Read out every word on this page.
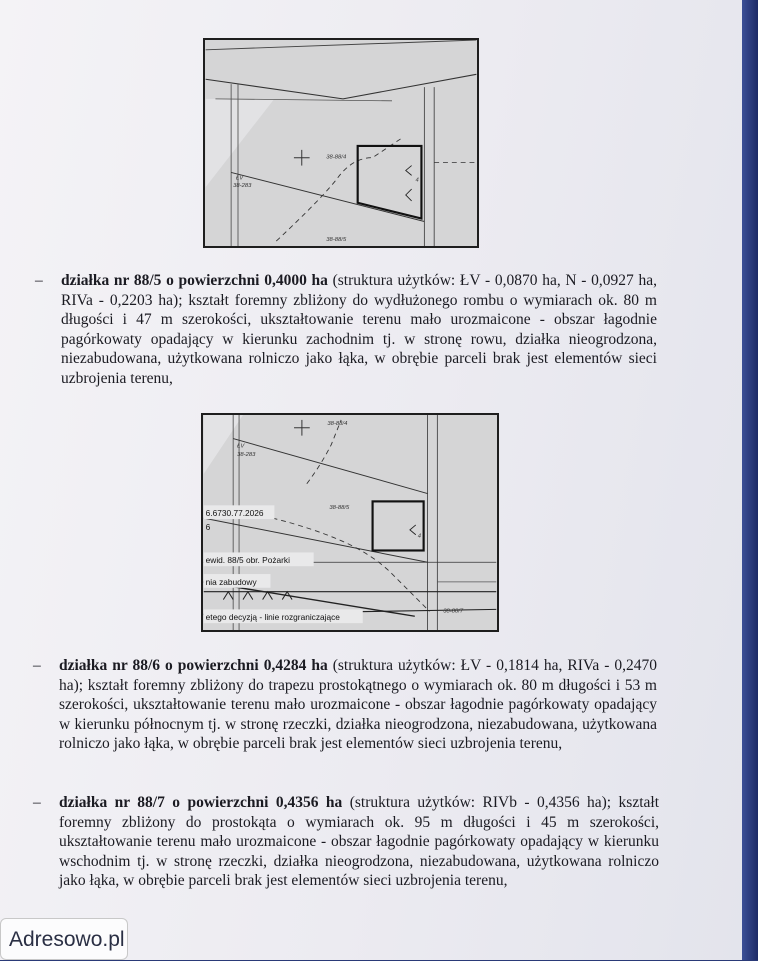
38-88/4
38-283
ŁV
38-88/5
4

– działka nr 88/5 o powierzchni 0,4000 ha (struktura użytków: ŁV - 0,0870 ha, N - 0,0927 ha, RIVa - 0,2203 ha); kształt foremny zbliżony do wydłużonego rombu o wymiarach ok. 80 m długości i 47 m szerokości, ukształtowanie terenu mało urozmaicone - obszar łagodnie pagórkowaty opadający w kierunku zachodnim tj. w stronę rowu, działka nieogrodzona, niezabudowana, użytkowana rolniczo jako łąka, w obrębie parceli brak jest elementów sieci uzbrojenia terenu,

38-88/4
38-283
ŁV
38-88/5
4
38-88/7
6.6730.77.2026
6
ewid. 88/5 obr. Pożarki
nia zabudowy
etego decyzją - linie rozgraniczające

– działka nr 88/6 o powierzchni 0,4284 ha (struktura użytków: ŁV - 0,1814 ha, RIVa - 0,2470 ha); kształt foremny zbliżony do trapezu prostokątnego o wymiarach ok. 80 m długości i 53 m szerokości, ukształtowanie terenu mało urozmaicone - obszar łagodnie pagórkowaty opadający w kierunku północnym tj. w stronę rzeczki, działka nieogrodzona, niezabudowana, użytkowana rolniczo jako łąka, w obrębie parceli brak jest elementów sieci uzbrojenia terenu,

– działka nr 88/7 o powierzchni 0,4356 ha (struktura użytków: RIVb - 0,4356 ha); kształt foremny zbliżony do prostokąta o wymiarach ok. 95 m długości i 45 m szerokości, ukształtowanie terenu mało urozmaicone - obszar łagodnie pagórkowaty opadający w kierunku wschodnim tj. w stronę rzeczki, działka nieogrodzona, niezabudowana, użytkowana rolniczo jako łąka, w obrębie parceli brak jest elementów sieci uzbrojenia terenu,

Adresowo.pl
